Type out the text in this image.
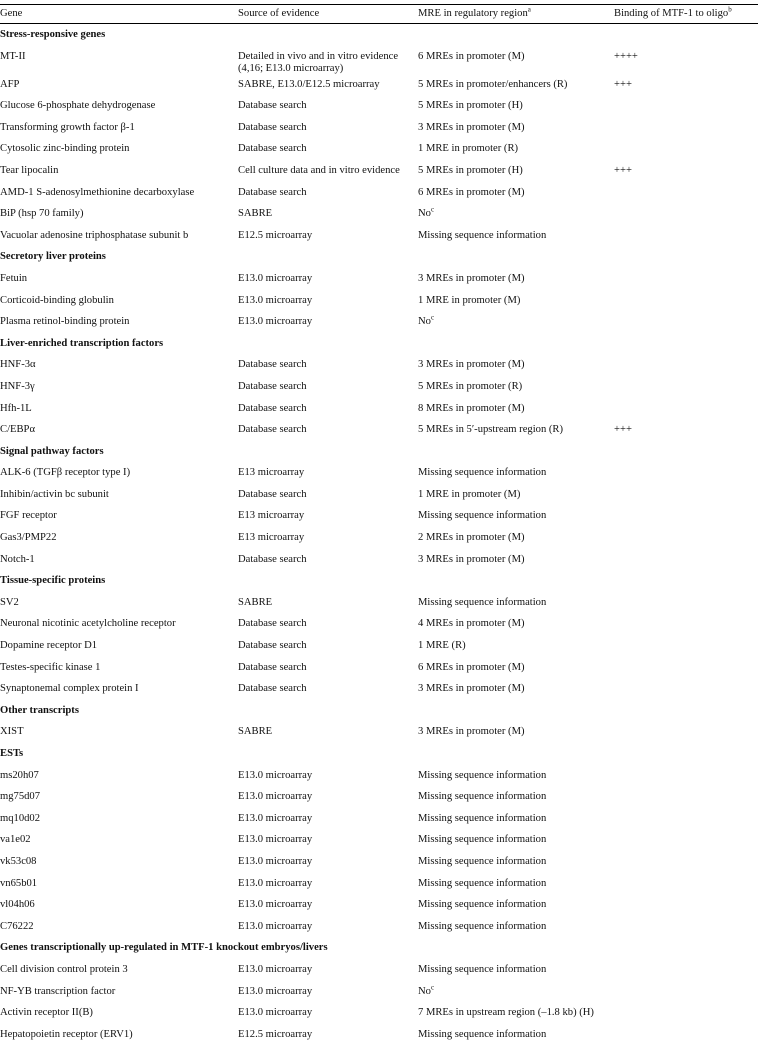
Gene	Source of evidence	MRE in regulatory region$^a$	Binding of MTF-1 to oligo$^b$
Stress-responsive genes			
MT-II	Detailed in vivo and in vitro evidence (4,16; E13.0 microarray)	6 MREs in promoter (M)	++++
AFP	SABRE, E13.0/E12.5 microarray	5 MREs in promoter/enhancers (R)	+++
Glucose 6-phosphate dehydrogenase	Database search	5 MREs in promoter (H)	
Transforming growth factor β-1	Database search	3 MREs in promoter (M)	
Cytosolic zinc-binding protein	Database search	1 MRE in promoter (R)	
Tear lipocalin	Cell culture data and in vitro evidence	5 MREs in promoter (H)	+++
AMD-1 S-adenosylmethionine decarboxylase	Database search	6 MREs in promoter (M)	
BiP (hsp 70 family)	SABRE	No$^c$	
Vacuolar adenosine triphosphatase subunit b	E12.5 microarray	Missing sequence information	
Secretory liver proteins			
Fetuin	E13.0 microarray	3 MREs in promoter (M)	
Corticoid-binding globulin	E13.0 microarray	1 MRE in promoter (M)	
Plasma retinol-binding protein	E13.0 microarray	No$^c$	
Liver-enriched transcription factors			
HNF-3α	Database search	3 MREs in promoter (M)	
HNF-3γ	Database search	5 MREs in promoter (R)	
Hfh-1L	Database search	8 MREs in promoter (M)	
C/EBPα	Database search	5 MREs in 5′-upstream region (R)	+++
Signal pathway factors			
ALK-6 (TGFβ receptor type I)	E13 microarray	Missing sequence information	
Inhibin/activin bc subunit	Database search	1 MRE in promoter (M)	
FGF receptor	E13 microarray	Missing sequence information	
Gas3/PMP22	E13 microarray	2 MREs in promoter (M)	
Notch-1	Database search	3 MREs in promoter (M)	
Tissue-specific proteins			
SV2	SABRE	Missing sequence information	
Neuronal nicotinic acetylcholine receptor	Database search	4 MREs in promoter (M)	
Dopamine receptor D1	Database search	1 MRE (R)	
Testes-specific kinase 1	Database search	6 MREs in promoter (M)	
Synaptonemal complex protein I	Database search	3 MREs in promoter (M)	
Other transcripts			
XIST	SABRE	3 MREs in promoter (M)	
ESTs			
ms20h07	E13.0 microarray	Missing sequence information	
mg75d07	E13.0 microarray	Missing sequence information	
mq10d02	E13.0 microarray	Missing sequence information	
va1e02	E13.0 microarray	Missing sequence information	
vk53c08	E13.0 microarray	Missing sequence information	
vn65b01	E13.0 microarray	Missing sequence information	
vl04h06	E13.0 microarray	Missing sequence information	
C76222	E13.0 microarray	Missing sequence information	
Genes transcriptionally up-regulated in MTF-1 knockout embryos/livers			
Cell division control protein 3	E13.0 microarray	Missing sequence information	
NF-YB transcription factor	E13.0 microarray	No$^c$	
Activin receptor II(B)	E13.0 microarray	7 MREs in upstream region (–1.8 kb) (H)	
Hepatopoietin receptor (ERV1)	E12.5 microarray	Missing sequence information	
